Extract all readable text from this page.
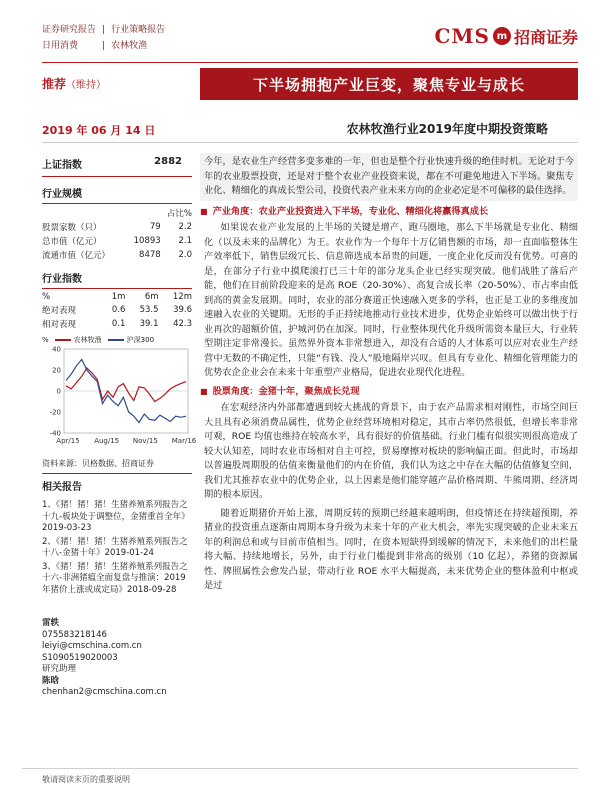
证券研究报告 | 行业策略报告
日用消费	| 农林牧渔	CMS m 招商证券
推荐（维持）	下半场拥抱产业巨变，聚焦专业与成长
2019 年 06 月 14 日	农林牧渔行业2019年度中期投资策略
上证指数	2882
行业规模
		占比%
股票家数（只）	79	2.2
总市值（亿元）	10893	2.1
流通市值（亿元）	8478	2.0
行业指数
%	1m	6m	12m
绝对表现	0.6	53.5	39.6
相对表现	0.1	39.1	42.3
%	农林牧渔	沪深300
40
20
0
-20
-40
Apr/15 Aug/15 Nov/15 Mar/16
资料来源：贝格数据、招商证券
相关报告
1、《猪！猪！猪！生猪养殖系列报告之十九-板块处于调整位，金猪重首全年》2019-03-23
2、《猪！猪！猪！生猪养殖系列报告之十八-金猪十年》2019-01-24
3、《猪！猪！猪！生猪养殖系列报告之十六-非洲猪瘟全面复盘与推演：2019 年猪价上涨或成定局》2018-09-28
雷轶
075583218146
leiyi@cmschina.com.cn
S1090519020003
研究助理
陈晗
chenhan2@cmschina.com.cn
今年，是农业生产经营多变多难的一年，但也是整个行业快速升级的绝佳时机。无论对于今年的农业股票投资，还是对于整个农业产业投资来说，都在不可避免地进入下半场。聚焦专业化、精细化的真成长型公司，投资代表产业未来方向的企业必定是不可偏移的最佳选择。
■ 产业角度：农业产业投资进入下半场，专业化、精细化将赢得真成长
如果说农业产业发展的上半场的关键是增产、跑马圈地，那么下半场就是专业化、精细化（以及未来的品牌化）为王。农业作为一个每年十万亿销售额的市场，却一直面临整体生产效率低下，销售层级冗长、信息筛选成本昂贵的问题，一度企业化反而没有优势。可喜的是，在部分子行业中摸爬滚打已三十年的部分龙头企业已经实现突破。他们战胜了落后产能，他们在目前阶段迎来的是高 ROE（20-30%）、高复合成长率（20-50%）、市占率由低到高的黄金发展期。同时，农业的部分赛道正快速融入更多的学科，也正是工业的多维度加速融入农业的关键期。无形的手正持续地推动行业技术进步，优势企业始终可以做出快于行业再次的超额价值，护城河仍在加深。同时，行业整体现代化升级所需资本量巨大，行业转型期注定非常漫长。虽然界外资本非常想进入，却没有合适的人才体系可以应对农业生产经营中无数的不确定性，只能“有钱、没人”般地隔岸兴叹。但具有专业化、精细化管理能力的优势农企企业会在未来十年重塑产业格局，促进农业现代化进程。
■ 股票角度：金猪十年，聚焦成长兑现
在宏观经济内外部都遭遇到较大挑战的背景下，由于农产品需求相对刚性，市场空间巨大且具有必须消费品属性，优势企业经营环境相对稳定，其市占率仍然很低，但增长率非常可观，ROE 均值也维持在较高水平，具有很好的价值基础。行业门槛有似很实则很高造成了较大认知差，同时农业市场相对自主可控，贸易摩擦对板块的影响偏正面。但此时，市场却以普遍股周期股的估值来衡量他们的内在价值，我们认为这之中存在大幅的估值修复空间，我们尤其推荐农业中的优势企业，以上因素是他们能穿越产品价格周期、牛熊周期、经济周期的根本原因。
随着近期猪价开始上涨，周期反转的预期已经越来越明朗，但疫情还在持续超预期，养猪业的投资重点逐渐由周期本身升级为未来十年的产业大机会，率先实现突破的企业未来五年的利润总和或与目前市值相当。同时，在资本短缺得到缓解的情况下，未来他们的出栏量将大幅、持续地增长，另外，由于行业门槛提到非常高的级别（10 亿起），养猪的资源属性、牌照属性会愈发凸显，带动行业 ROE 水平大幅提高，未来优势企业的整体盈利中枢或是过
敬请阅读末页的重要说明
